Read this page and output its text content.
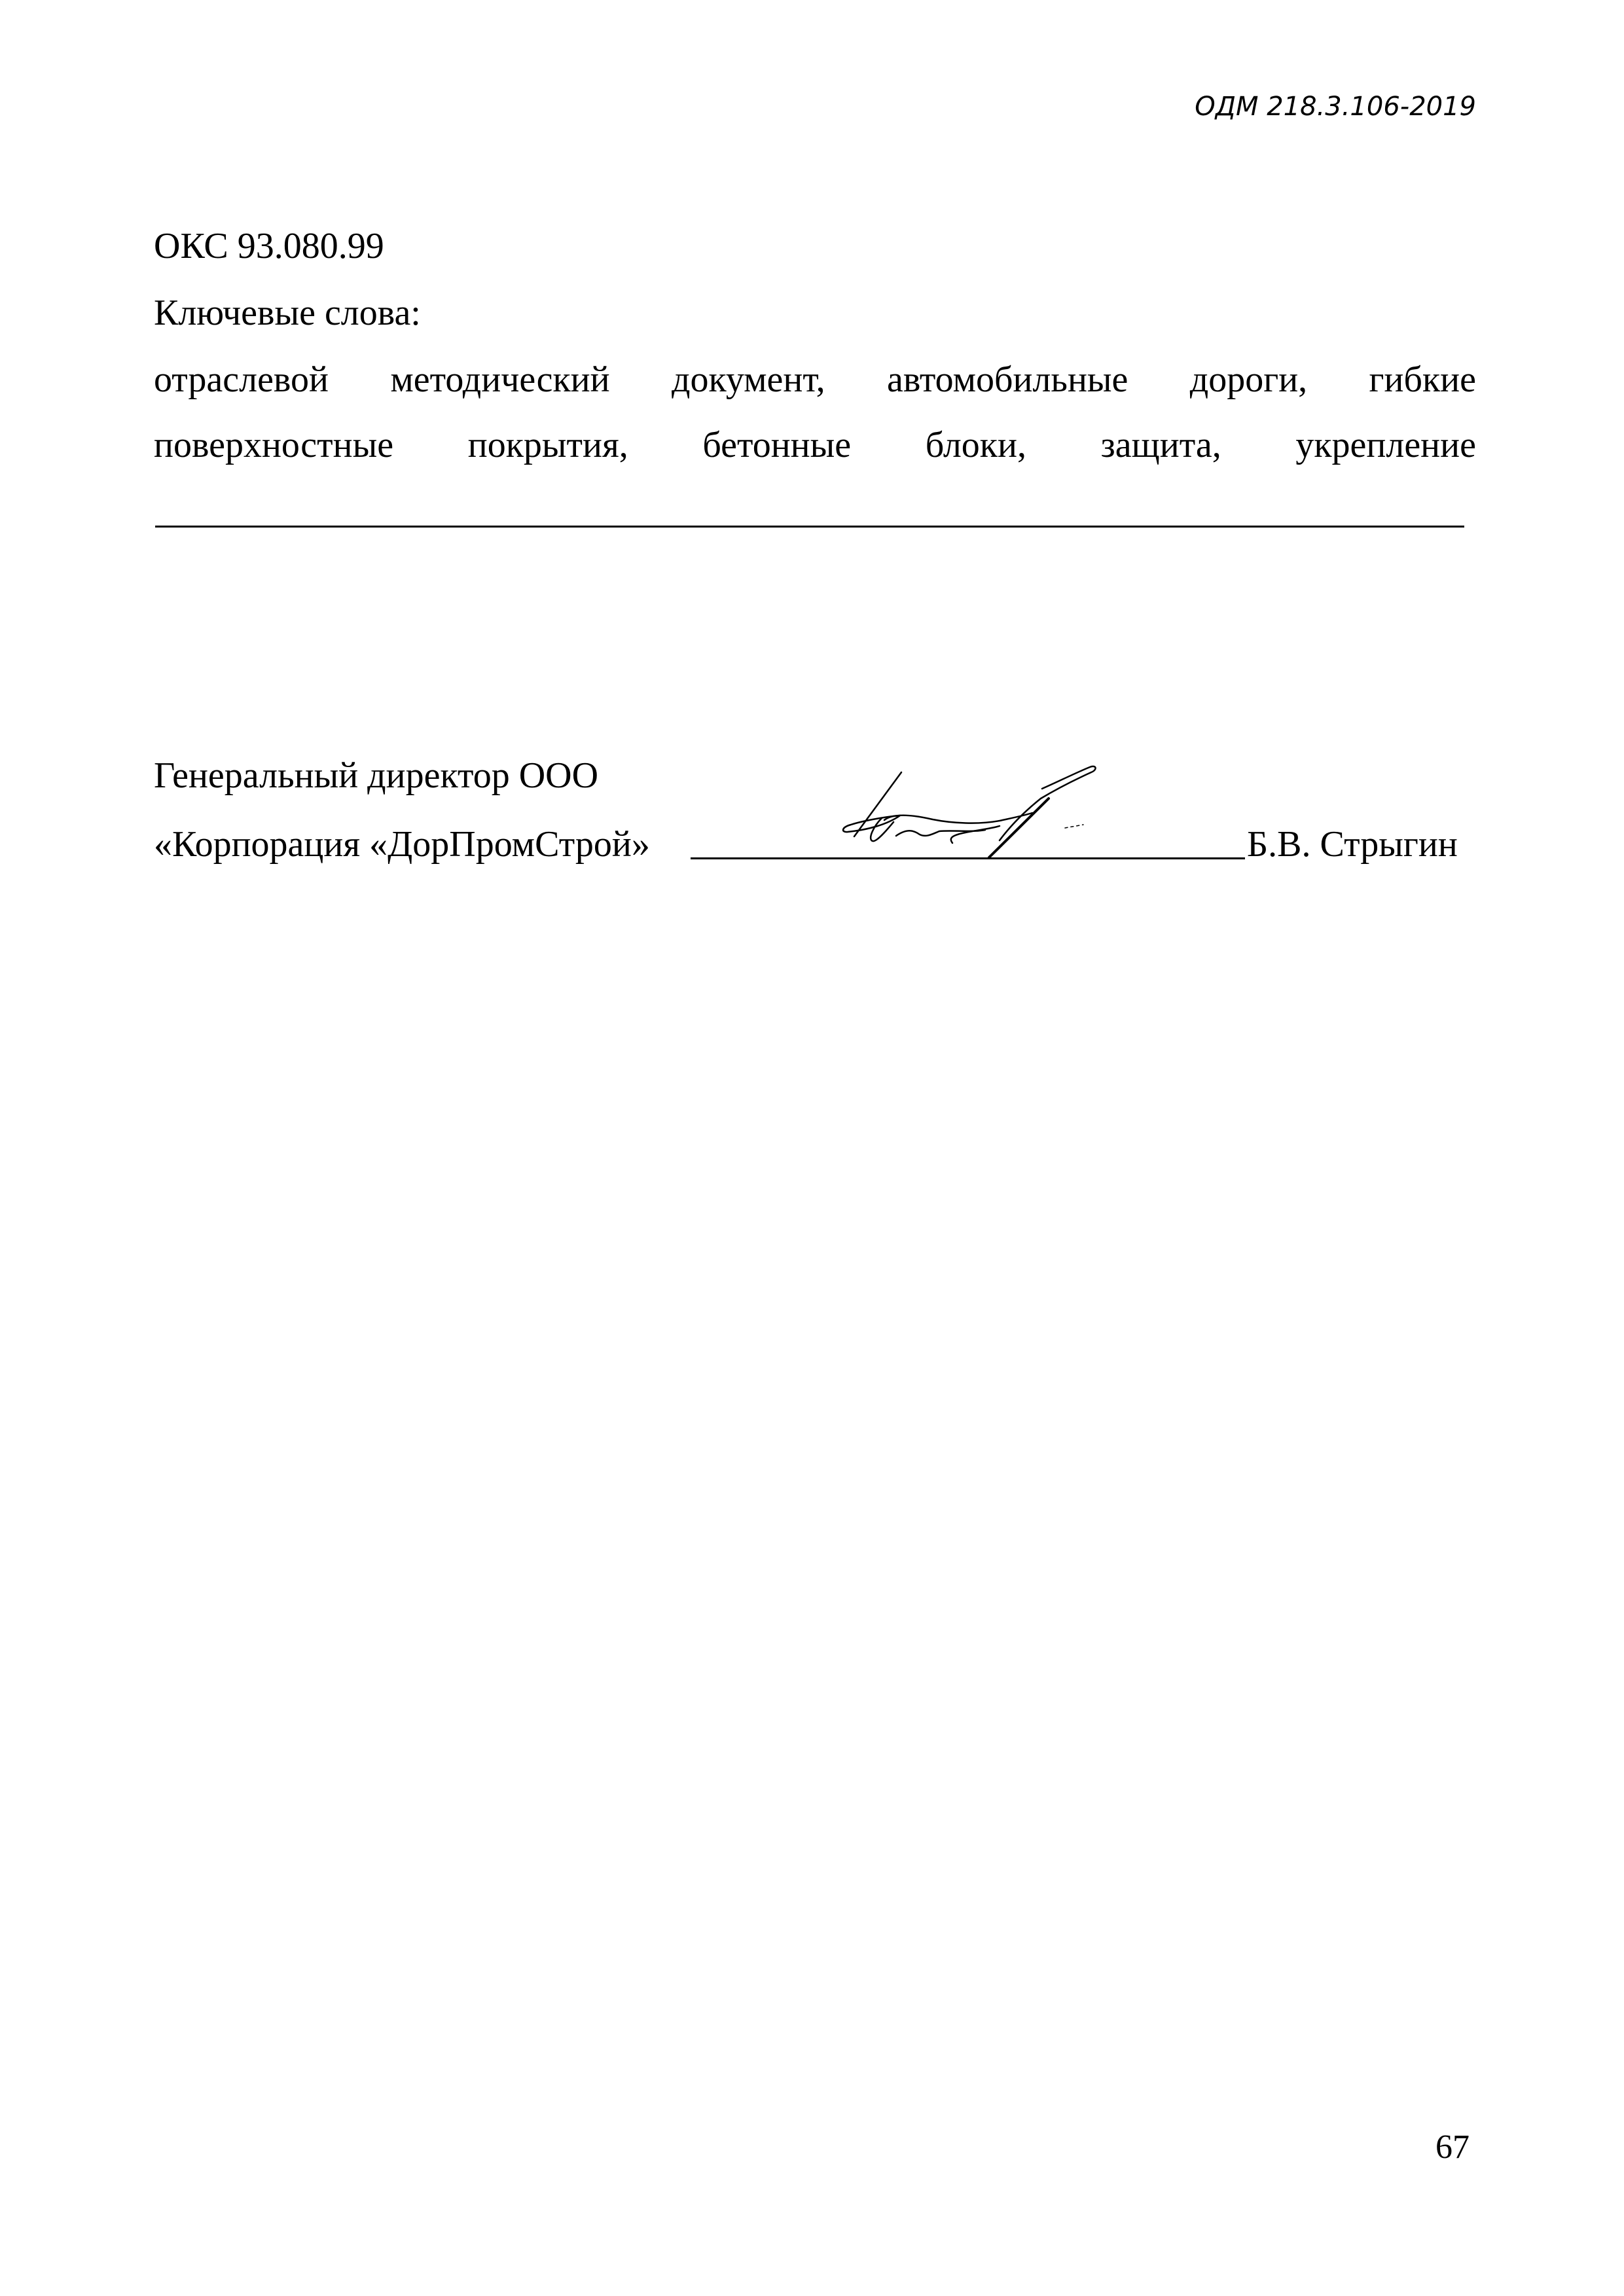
ОДМ 218.3.106-2019
ОКС 93.080.99
Ключевые слова:
отраслевой методический документ, автомобильные дороги, гибкие
поверхностные покрытия, бетонные блоки, защита, укрепление
Генеральный директор ООО
«Корпорация «ДорПромСтрой»	Б.В. Стрыгин
67
